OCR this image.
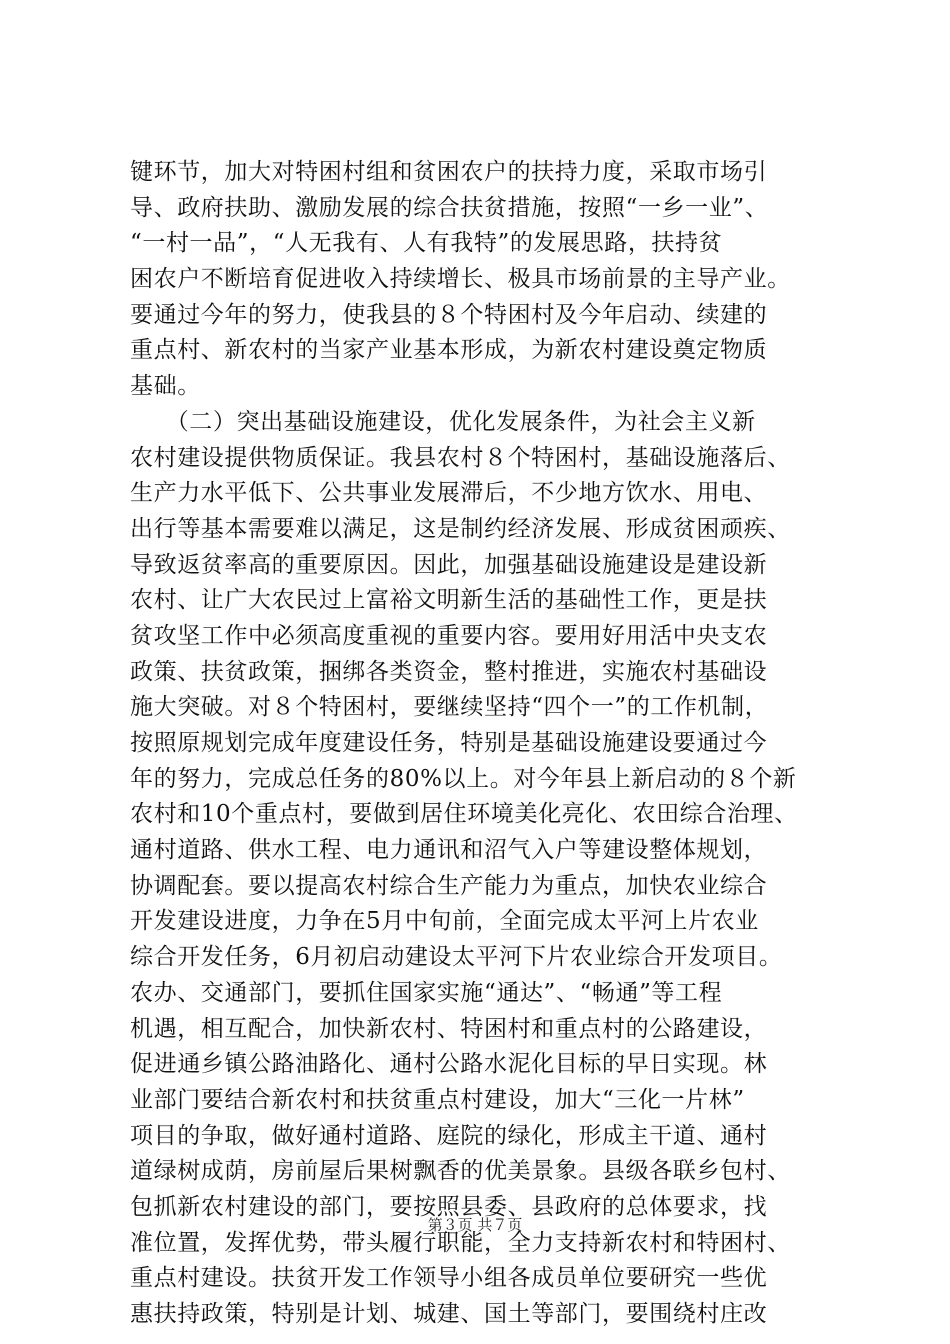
键环节，加大对特困村组和贫困农户的扶持力度，采取市场引
导、政府扶助、激励发展的综合扶贫措施，按照“一乡一业”、
“一村一品”，“人无我有、人有我特”的发展思路，扶持贫
困农户不断培育促进收入持续增长、极具市场前景的主导产业。
要通过今年的努力，使我县的８个特困村及今年启动、续建的
重点村、新农村的当家产业基本形成，为新农村建设奠定物质
基础。
　　（二）突出基础设施建设，优化发展条件，为社会主义新
农村建设提供物质保证。我县农村８个特困村，基础设施落后、
生产力水平低下、公共事业发展滞后，不少地方饮水、用电、
出行等基本需要难以满足，这是制约经济发展、形成贫困顽疾、
导致返贫率高的重要原因。因此，加强基础设施建设是建设新
农村、让广大农民过上富裕文明新生活的基础性工作，更是扶
贫攻坚工作中必须高度重视的重要内容。要用好用活中央支农
政策、扶贫政策，捆绑各类资金，整村推进，实施农村基础设
施大突破。对８个特困村，要继续坚持“四个一”的工作机制，
按照原规划完成年度建设任务，特别是基础设施建设要通过今
年的努力，完成总任务的80%以上。对今年县上新启动的８个新
农村和10个重点村，要做到居住环境美化亮化、农田综合治理、
通村道路、供水工程、电力通讯和沼气入户等建设整体规划，
协调配套。要以提高农村综合生产能力为重点，加快农业综合
开发建设进度，力争在5月中旬前，全面完成太平河上片农业
综合开发任务，6月初启动建设太平河下片农业综合开发项目。
农办、交通部门，要抓住国家实施“通达”、“畅通”等工程
机遇，相互配合，加快新农村、特困村和重点村的公路建设，
促进通乡镇公路油路化、通村公路水泥化目标的早日实现。林
业部门要结合新农村和扶贫重点村建设，加大“三化一片林”
项目的争取，做好通村道路、庭院的绿化，形成主干道、通村
道绿树成荫，房前屋后果树飘香的优美景象。县级各联乡包村、
包抓新农村建设的部门，要按照县委、县政府的总体要求，找
准位置，发挥优势，带头履行职能，全力支持新农村和特困村、
重点村建设。扶贫开发工作领导小组各成员单位要研究一些优
惠扶持政策，特别是计划、城建、国土等部门，要围绕村庄改
第３页 共７页
